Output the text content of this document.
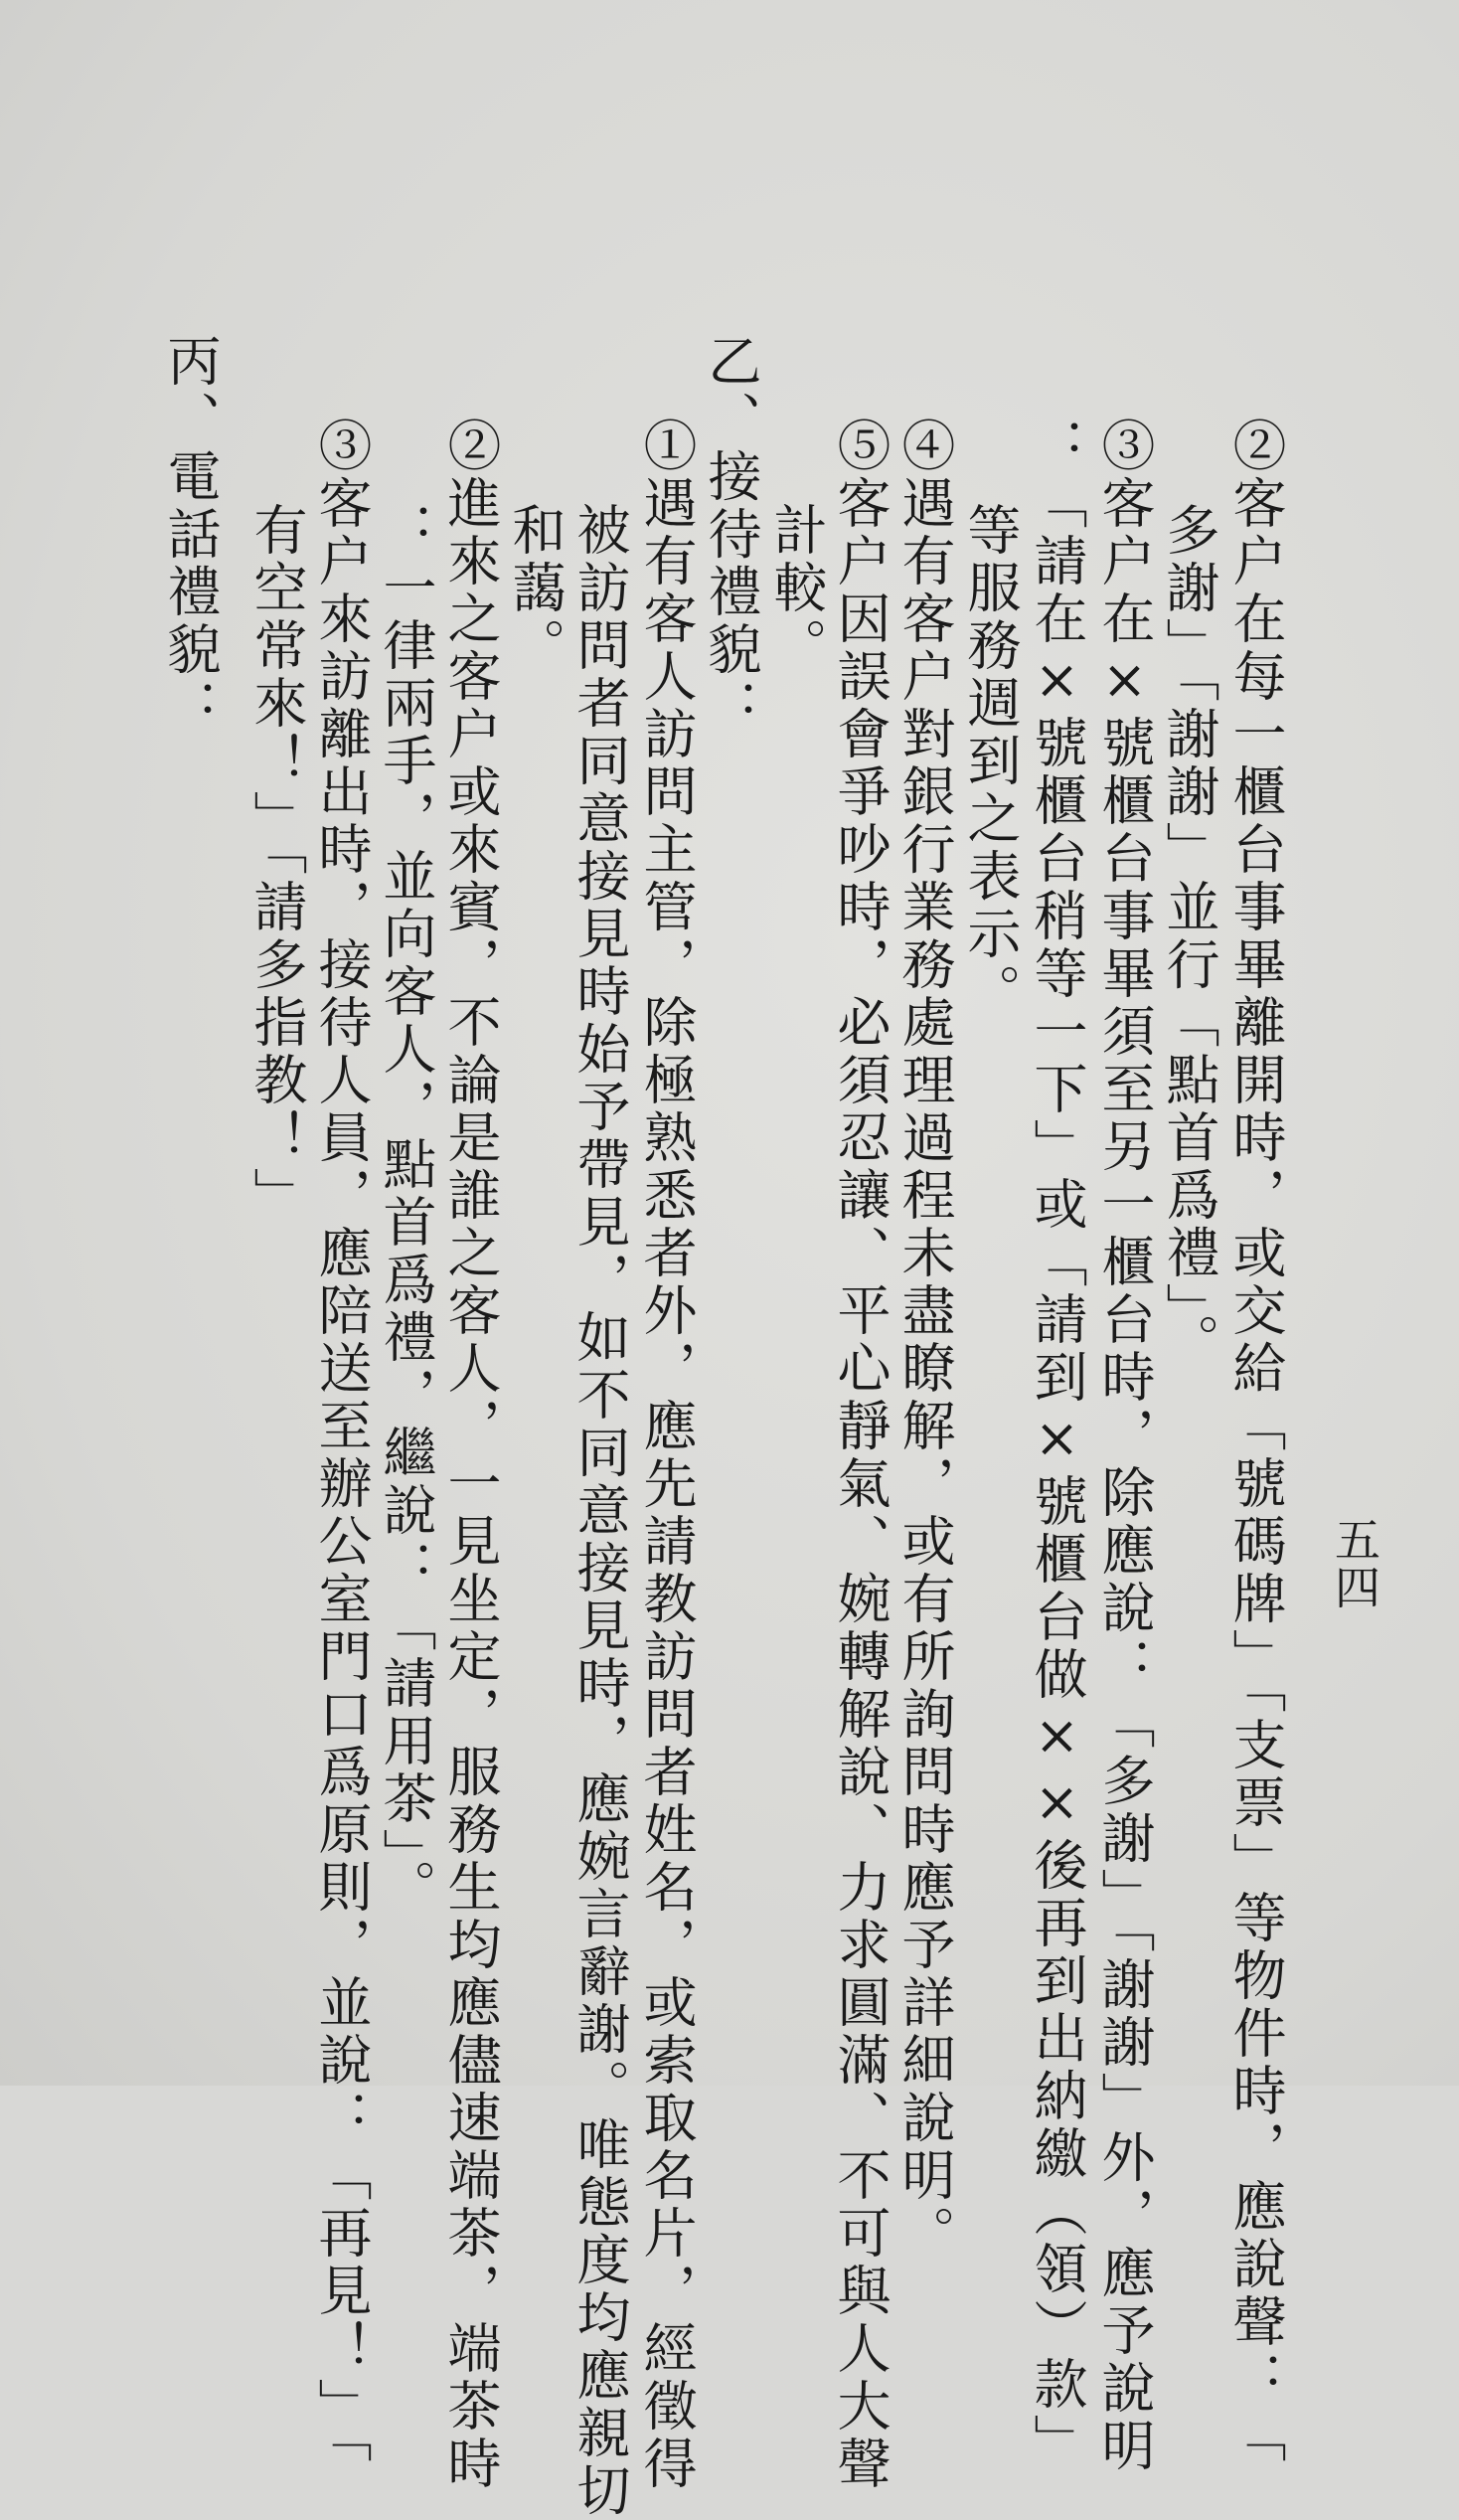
五四
②客户在每一櫃台事畢離開時，或交給「號碼牌」「支票」等物件時，應說聲：「
多謝」「謝謝」並行「點首爲禮」。
③客户在×號櫃台事畢須至另一櫃台時，除應說：「多謝」「謝謝」外，應予說明
：「請在×號櫃台稍等一下」或「請到×號櫃台做××後再到出納繳（領）款」
等服務週到之表示。
④遇有客户對銀行業務處理過程未盡瞭解，或有所詢問時應予詳細說明。
⑤客户因誤會爭吵時，必須忍讓、平心靜氣、婉轉解說、力求圓滿、不可與人大聲
計較。
乙、接待禮貌：
①遇有客人訪問主管，除極熟悉者外，應先請教訪問者姓名，或索取名片，經徵得
被訪問者同意接見時始予帶見，如不同意接見時，應婉言辭謝。唯態度均應親切
和藹。
②進來之客户或來賓，不論是誰之客人，一見坐定，服務生均應儘速端茶，端茶時
：一律兩手，並向客人，點首爲禮，繼說：「請用茶」。
③客户來訪離出時，接待人員，應陪送至辦公室門口爲原則，並說：「再見！」「
有空常來！」「請多指教！」
丙、電話禮貌：
